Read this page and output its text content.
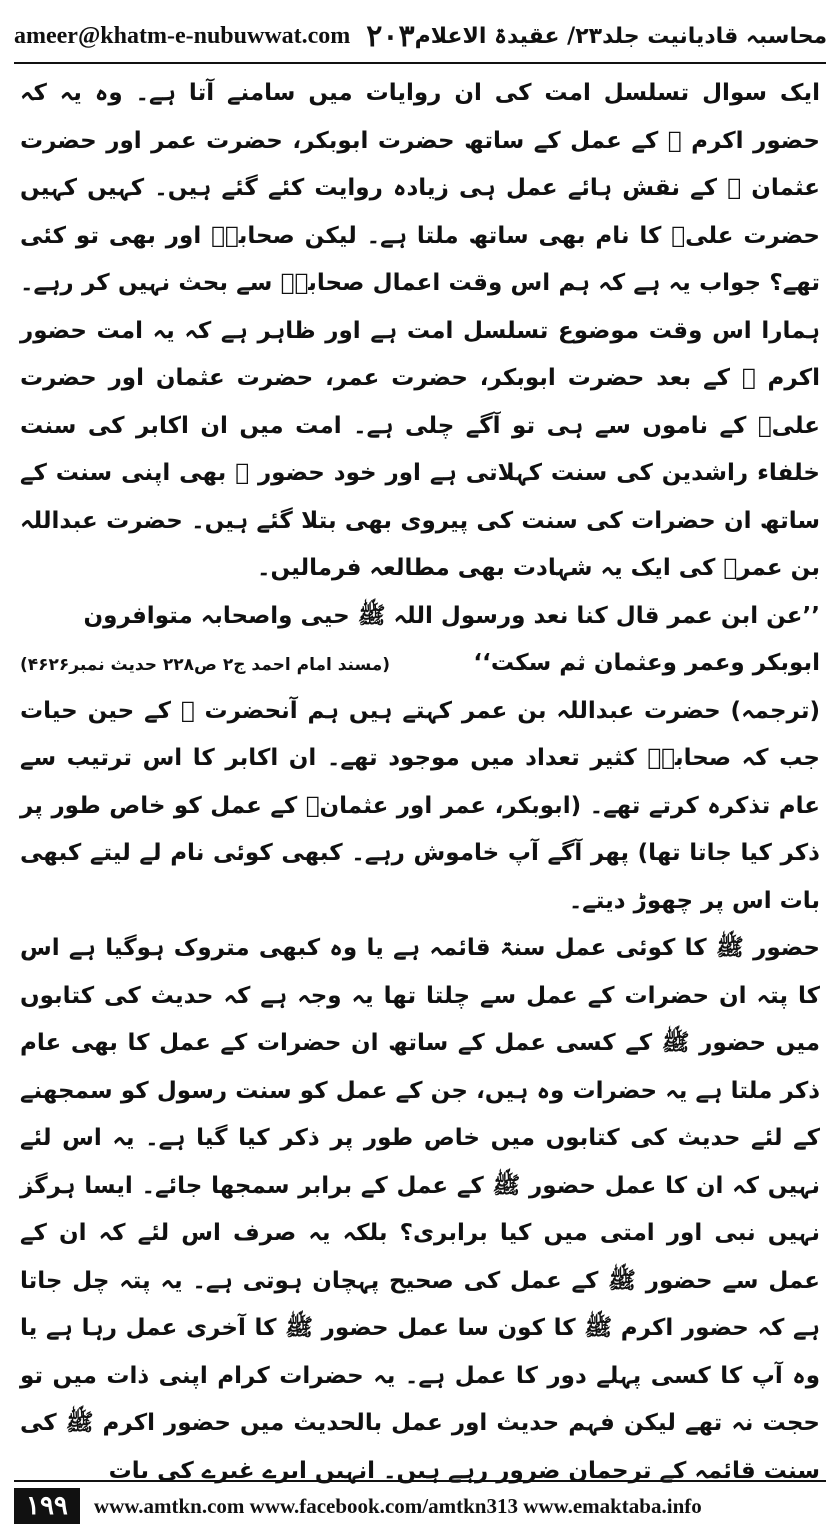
ameer@khatm-e-nubuwwat.com ۲۰۳ محاسبہ قادیانیت جلد۲۳/ عقیدۃ الاعلام

ایک سوال تسلسل امت کی ان روایات میں سامنے آتا ہے۔ وہ یہ کہ حضور اکرم ﷺ کے عمل کے ساتھ حضرت ابوبکر، حضرت عمر اور حضرت عثمان ؓ کے نقش ہائے عمل ہی زیادہ روایت کئے گئے ہیں۔ کہیں کہیں حضرت علیؓ کا نام بھی ساتھ ملتا ہے۔ لیکن صحابہؓ اور بھی تو کئی تھے؟ جواب یہ ہے کہ ہم اس وقت اعمال صحابہؓ سے بحث نہیں کر رہے۔ ہمارا اس وقت موضوع تسلسل امت ہے اور ظاہر ہے کہ یہ امت حضور اکرم ﷺ کے بعد حضرت ابوبکر، حضرت عمر، حضرت عثمان اور حضرت علیؓ کے ناموں سے ہی تو آگے چلی ہے۔ امت میں ان اکابر کی سنت خلفاء راشدین کی سنت کہلاتی ہے اور خود حضور ﷺ بھی اپنی سنت کے ساتھ ان حضرات کی سنت کی پیروی بھی بتلا گئے ہیں۔ حضرت عبداللہ بن عمرؓ کی ایک یہ شہادت بھی مطالعہ فرمالیں۔

’’عن ابن عمر قال کنا نعد ورسول اللہ ﷺ حیی واصحابہ متوافرون

ابوبکر وعمر وعثمان ثم سکت‘‘
(مسند امام احمد ج۲ ص۲۲۸ حدیث نمبر۴۶۲۶)

(ترجمہ) حضرت عبداللہ بن عمر کہتے ہیں ہم آنحضرت ﷺ کے حین حیات جب کہ صحابہؓ کثیر تعداد میں موجود تھے۔ ان اکابر کا اس ترتیب سے عام تذکرہ کرتے تھے۔ (ابوبکر، عمر اور عثمانؓ کے عمل کو خاص طور پر ذکر کیا جاتا تھا) پھر آگے آپ خاموش رہے۔ کبھی کوئی نام لے لیتے کبھی بات اس پر چھوڑ دیتے۔

حضور ﷺ کا کوئی عمل سنۃ قائمہ ہے یا وہ کبھی متروک ہوگیا ہے اس کا پتہ ان حضرات کے عمل سے چلتا تھا یہ وجہ ہے کہ حدیث کی کتابوں میں حضور ﷺ کے کسی عمل کے ساتھ ان حضرات کے عمل کا بھی عام ذکر ملتا ہے یہ حضرات وہ ہیں، جن کے عمل کو سنت رسول کو سمجھنے کے لئے حدیث کی کتابوں میں خاص طور پر ذکر کیا گیا ہے۔ یہ اس لئے نہیں کہ ان کا عمل حضور ﷺ کے عمل کے برابر سمجھا جائے۔ ایسا ہرگز نہیں نبی اور امتی میں کیا برابری؟ بلکہ یہ صرف اس لئے کہ ان کے عمل سے حضور ﷺ کے عمل کی صحیح پہچان ہوتی ہے۔ یہ پتہ چل جاتا ہے کہ حضور اکرم ﷺ کا کون سا عمل حضور ﷺ کا آخری عمل رہا ہے یا وہ آپ کا کسی پہلے دور کا عمل ہے۔ یہ حضرات کرام اپنی ذات میں تو حجت نہ تھے لیکن فہم حدیث اور عمل بالحدیث میں حضور اکرم ﷺ کی سنت قائمہ کے ترجمان ضرور رہے ہیں۔ انہیں ایرے غیرے کی بات

۱۹۹	www.amtkn.com www.facebook.com/amtkn313 www.emaktaba.info
